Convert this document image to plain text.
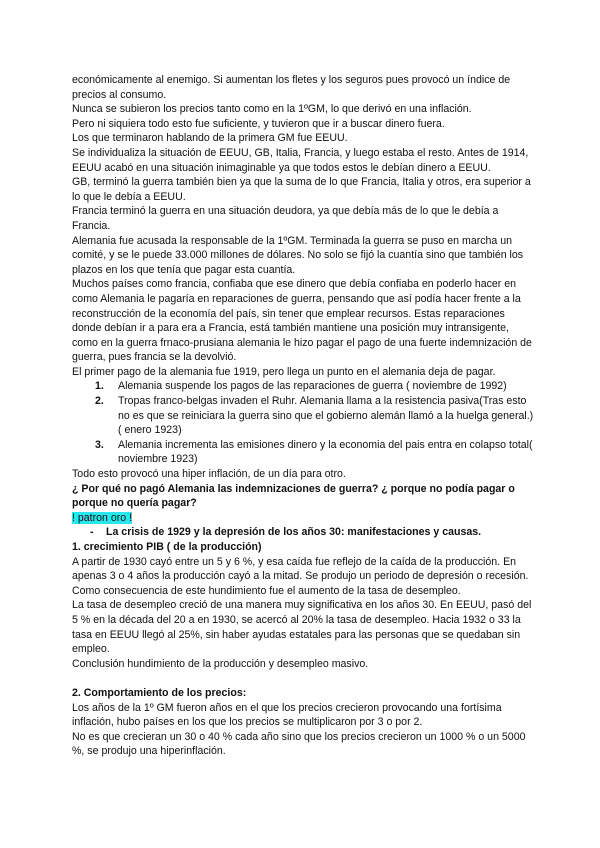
económicamente al enemigo. Si aumentan los fletes y los seguros pues provocó un índice de precios al consumo.

Nunca se subieron los precios tanto como en la 1ºGM, lo que derivó en una inflación.

Pero ni siquiera todo esto fue suficiente, y tuvieron que ir a buscar dinero fuera.

Los que terminaron hablando de la primera GM fue EEUU.

Se individualiza la situación de EEUU, GB, Italia, Francia, y luego estaba el resto. Antes de 1914, EEUU acabó en una situación inimaginable ya que todos estos le debían dinero a EEUU.

GB, terminó la guerra también bien ya que la suma de lo que Francia, Italia y otros, era superior a lo que le debía a EEUU.

Francia terminó la guerra en una situación deudora, ya que debía más de lo que le debía a Francia.

Alemania fue acusada la responsable de la 1ºGM. Terminada la guerra se puso en marcha un comité, y se le puede 33.000 millones de dólares. No solo se fijó la cuantía sino que también los plazos en los que tenía que pagar esta cuantía.

Muchos países como francia, confiaba que ese dinero que debía confiaba en poderlo hacer en como Alemania le pagaría en reparaciones de guerra, pensando que así podía hacer frente a la reconstrucción de la economía del país, sin tener que emplear recursos. Estas reparaciones donde debían ir a para era a Francia, está también mantiene una posición muy intransigente, como en la guerra frnaco-prusiana alemania le hizo pagar el pago de una fuerte indemnización de guerra, pues francia se la devolvió.

El primer pago de la alemania fue 1919, pero llega un punto en el alemania deja de pagar.

1. Alemania suspende los pagos de las reparaciones de guerra ( noviembre de 1992)
2. Tropas franco-belgas invaden el Ruhr. Alemania llama a la resistencia pasiva(Tras esto no es que se reiniciara la guerra sino que el gobierno alemán llamó a la huelga general.) ( enero 1923)
3. Alemania incrementa las emisiones dinero y la economia del pais entra en colapso total( noviembre 1923)

Todo esto provocó una hiper inflación, de un día para otro.

¿ Por qué no pagó Alemania las indemnizaciones de guerra? ¿ porque no podía pagar o porque no quería pagar?

! patron oro !

- La crisis de 1929 y la depresión de los años 30: manifestaciones y causas.

1. crecimiento PIB ( de la producción)

A partir de 1930 cayó entre un 5 y 6 %, y esa caída fue reflejo de la caída de la producción. En apenas 3 o 4 años la producción cayó a la mitad. Se produjo un periodo de depresión o recesión. Como consecuencia de este hundimiento fue el aumento de la tasa de desempleo.

La tasa de desempleo creció de una manera muy significativa en los años 30. En EEUU, pasó del 5 % en la década del 20 a en 1930, se acercó al 20% la tasa de desempleo. Hacia 1932 o 33 la tasa en EEUU llegó al 25%, sin haber ayudas estatales para las personas que se quedaban sin empleo.

Conclusión hundimiento de la producción y desempleo masivo.

2. Comportamiento de los precios:

Los años de la 1º GM fueron años en el que los precios crecieron provocando una fortísima inflación, hubo países en los que los precios se multiplicaron por 3 o por 2.

No es que crecieran un 30 o 40 % cada año sino que los precios crecieron un 1000 % o un 5000 %, se produjo una hiperinflación.
